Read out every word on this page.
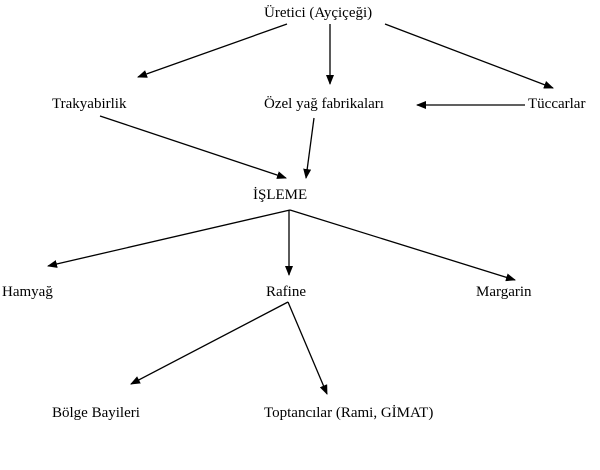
Üretici (Ayçiçeği)
Trakyabirlik	Özel yağ fabrikaları	Tüccarlar
İŞLEME
Hamyağ	Rafine	Margarin
Bölge Bayileri	Toptancılar (Rami, GİMAT)
